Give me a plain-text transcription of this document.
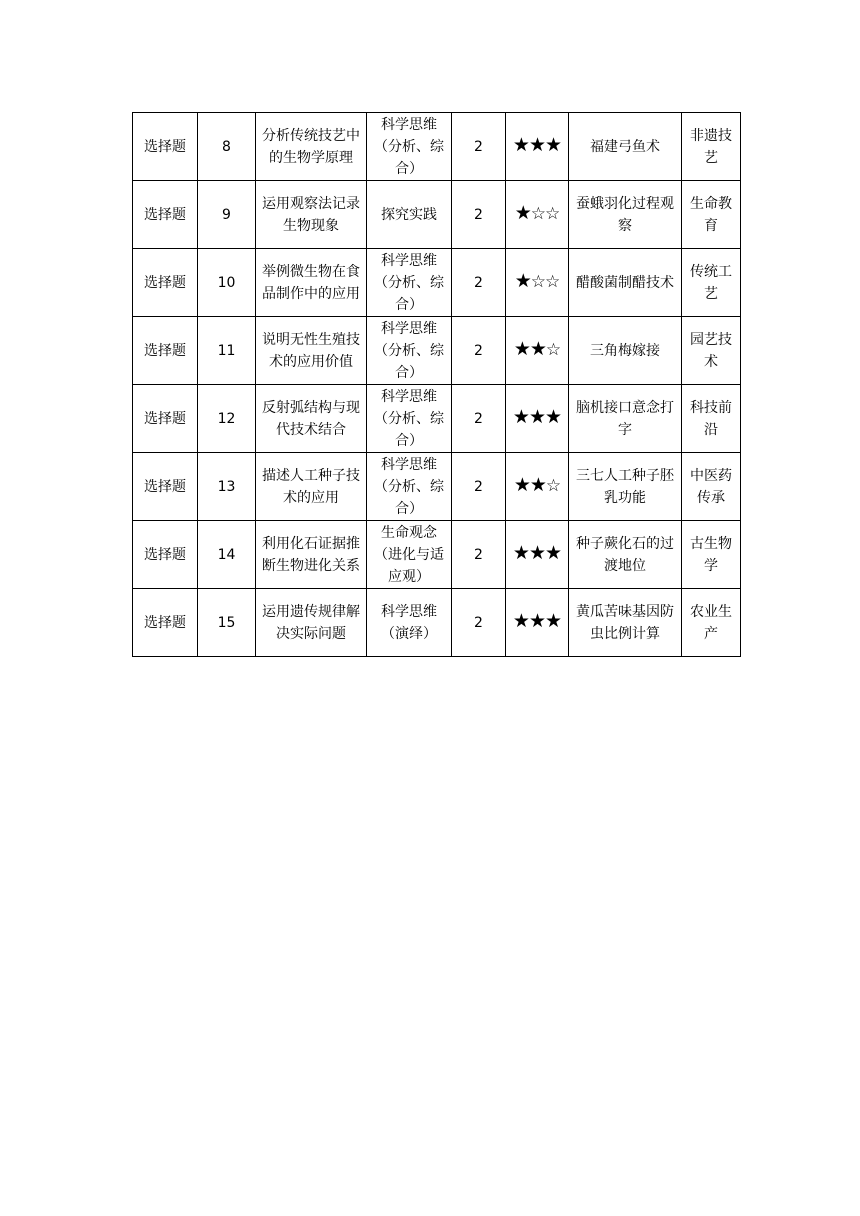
选择题	8	分析传统技艺中的生物学原理	科学思维（分析、综合）	2	★★★	福建弓鱼术	非遗技艺
选择题	9	运用观察法记录生物现象	探究实践	2	★☆☆	蚕蛾羽化过程观察	生命教育
选择题	10	举例微生物在食品制作中的应用	科学思维（分析、综合）	2	★☆☆	醋酸菌制醋技术	传统工艺
选择题	11	说明无性生殖技术的应用价值	科学思维（分析、综合）	2	★★☆	三角梅嫁接	园艺技术
选择题	12	反射弧结构与现代技术结合	科学思维（分析、综合）	2	★★★	脑机接口意念打字	科技前沿
选择题	13	描述人工种子技术的应用	科学思维（分析、综合）	2	★★☆	三七人工种子胚乳功能	中医药传承
选择题	14	利用化石证据推断生物进化关系	生命观念（进化与适应观）	2	★★★	种子蕨化石的过渡地位	古生物学
选择题	15	运用遗传规律解决实际问题	科学思维（演绎）	2	★★★	黄瓜苦味基因防虫比例计算	农业生产
